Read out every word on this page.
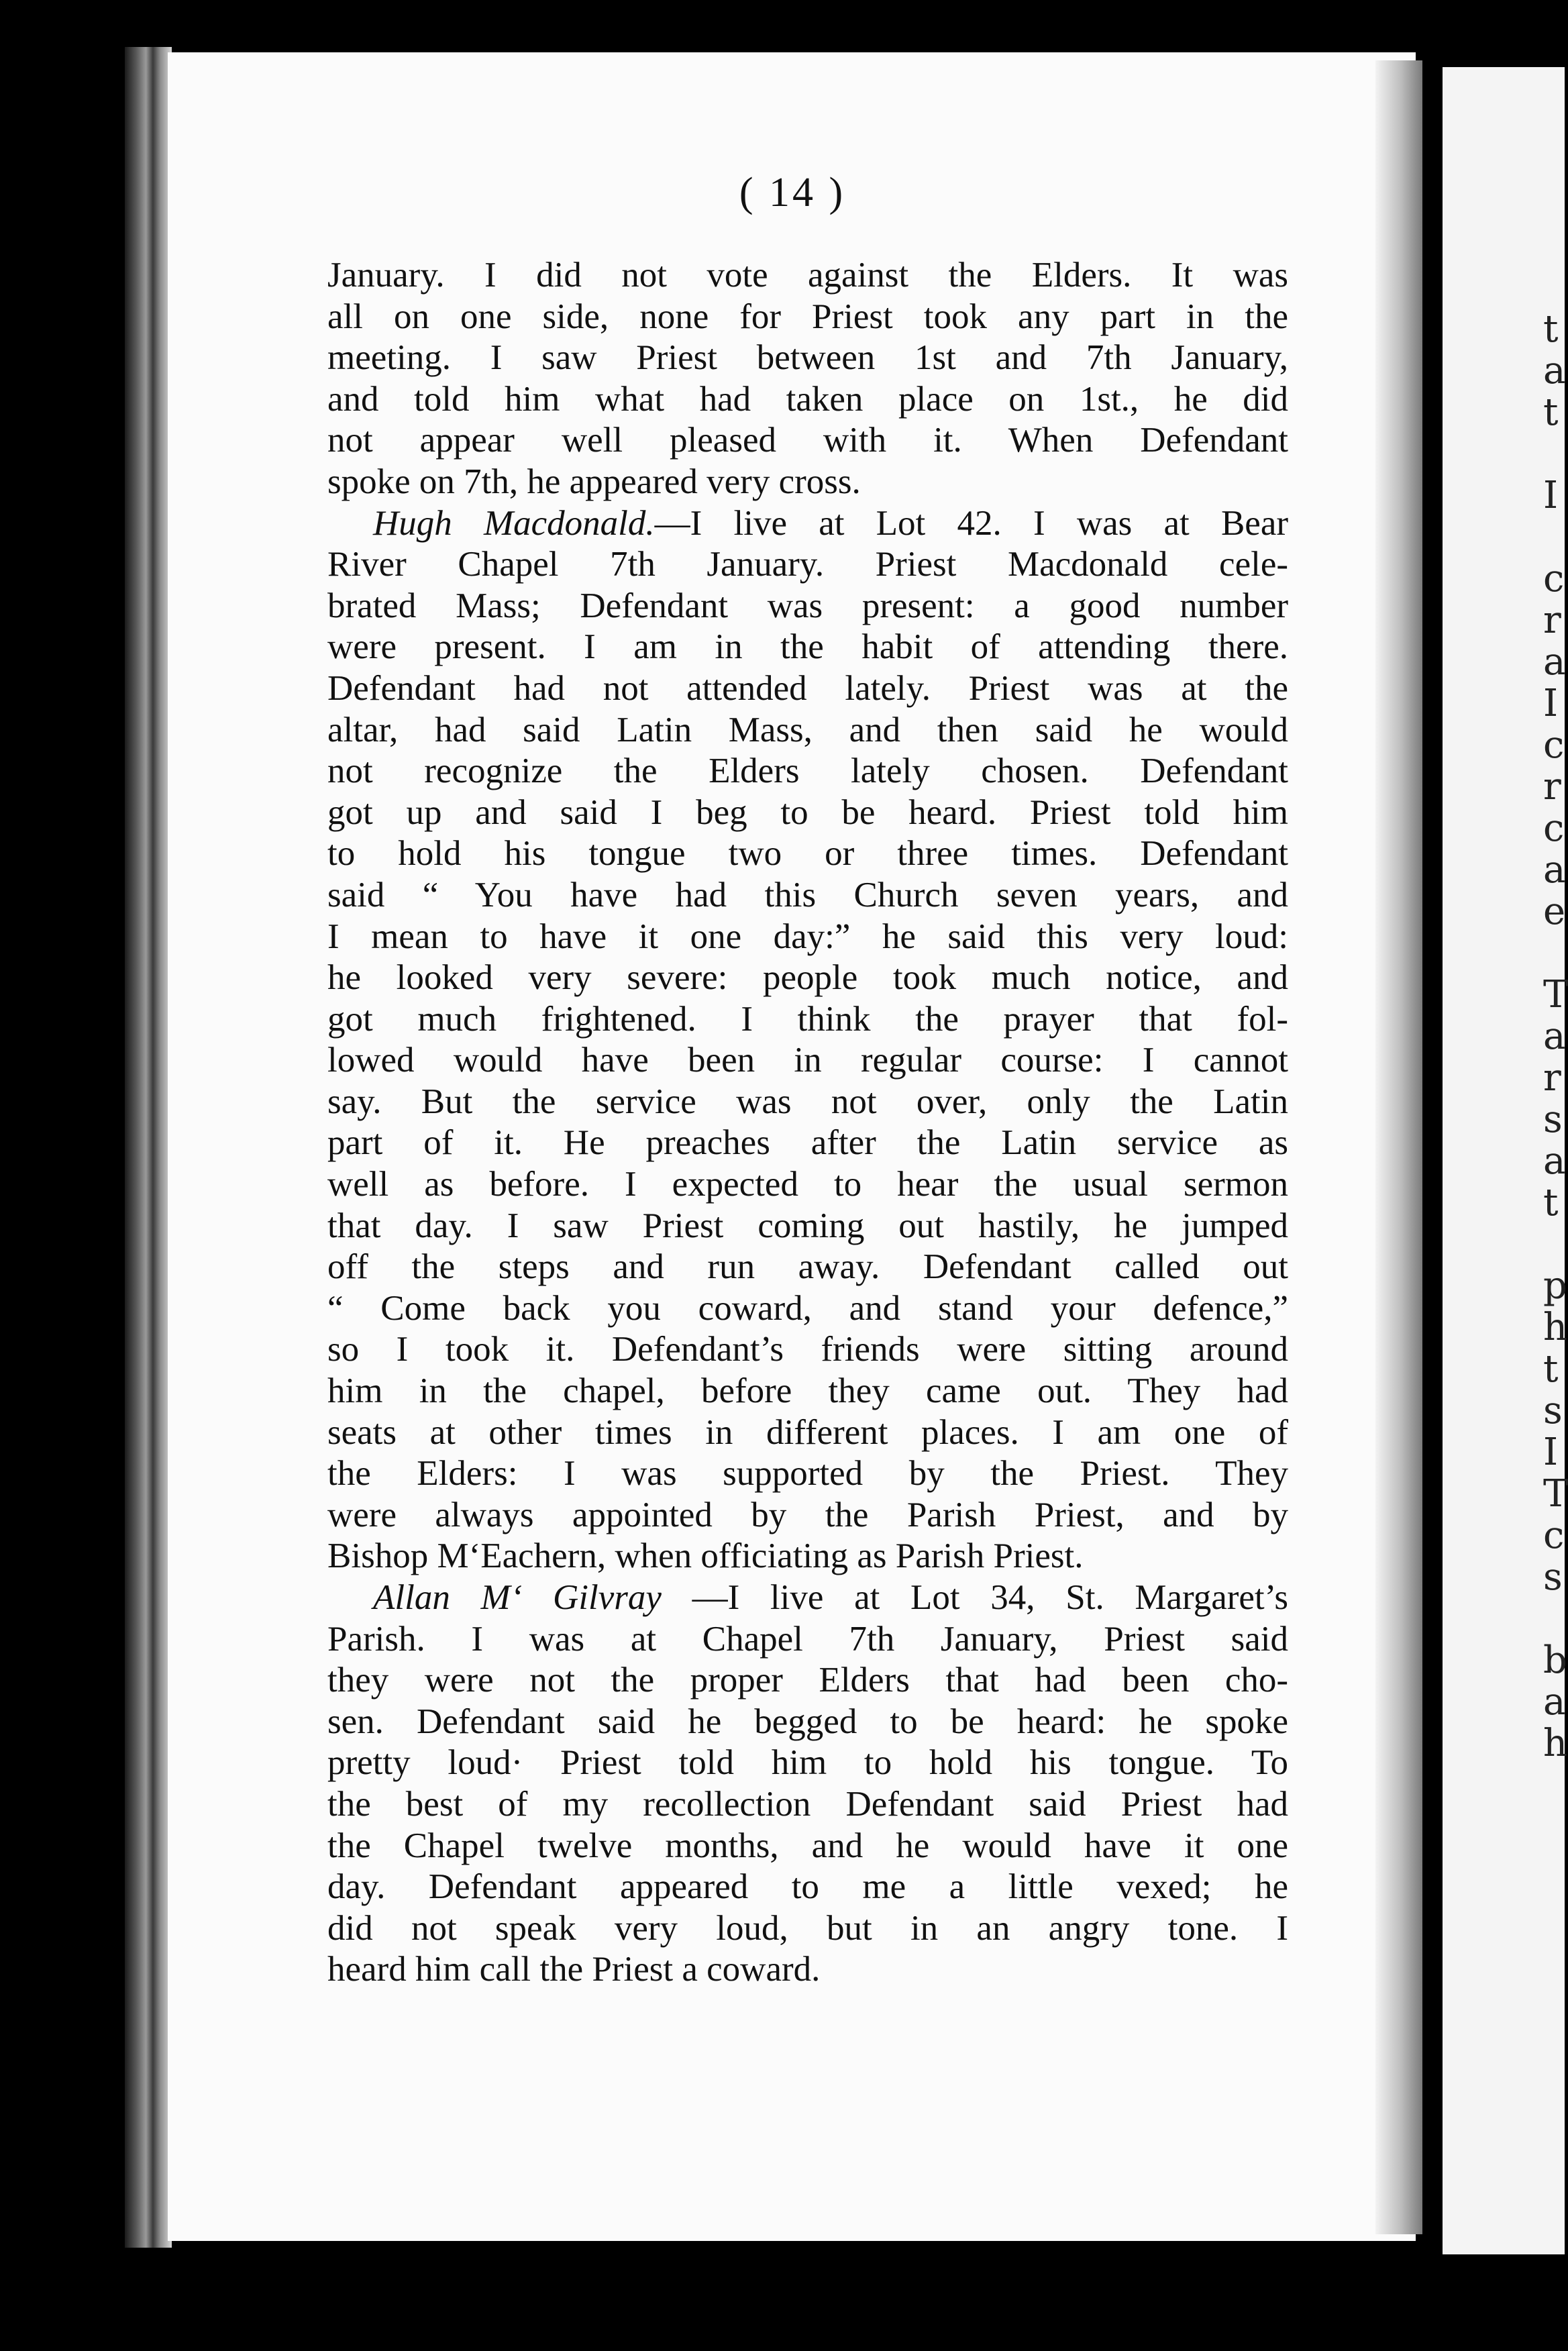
t
a
t
I
c
r
a
I
c
r
c
a
e
T
a
r
s
a
t
p
h
t
s
I
T
c
s
b
a
h
( 14 )
January. I did not vote against the Elders. It was
all on one side, none for Priest took any part in the
meeting. I saw Priest between 1st and 7th January,
and told him what had taken place on 1st., he did
not appear well pleased with it. When Defendant
spoke on 7th, he appeared very cross.
Hugh Macdonald.—I live at Lot 42. I was at Bear
River Chapel 7th January. Priest Macdonald cele-
brated Mass; Defendant was present: a good number
were present. I am in the habit of attending there.
Defendant had not attended lately. Priest was at the
altar, had said Latin Mass, and then said he would
not recognize the Elders lately chosen. Defendant
got up and said I beg to be heard. Priest told him
to hold his tongue two or three times. Defendant
said “ You have had this Church seven years, and
I mean to have it one day:” he said this very loud:
he looked very severe: people took much notice, and
got much frightened. I think the prayer that fol-
lowed would have been in regular course: I cannot
say. But the service was not over, only the Latin
part of it. He preaches after the Latin service as
well as before. I expected to hear the usual sermon
that day. I saw Priest coming out hastily, he jumped
off the steps and run away. Defendant called out
“ Come back you coward, and stand your defence,”
so I took it. Defendant’s friends were sitting around
him in the chapel, before they came out. They had
seats at other times in different places. I am one of
the Elders: I was supported by the Priest. They
were always appointed by the Parish Priest, and by
Bishop M‘Eachern, when officiating as Parish Priest.
Allan M‘ Gilvray —I live at Lot 34, St. Margaret’s
Parish. I was at Chapel 7th January, Priest said
they were not the proper Elders that had been cho-
sen. Defendant said he begged to be heard: he spoke
pretty loud· Priest told him to hold his tongue. To
the best of my recollection Defendant said Priest had
the Chapel twelve months, and he would have it one
day. Defendant appeared to me a little vexed; he
did not speak very loud, but in an angry tone. I
heard him call the Priest a coward.
